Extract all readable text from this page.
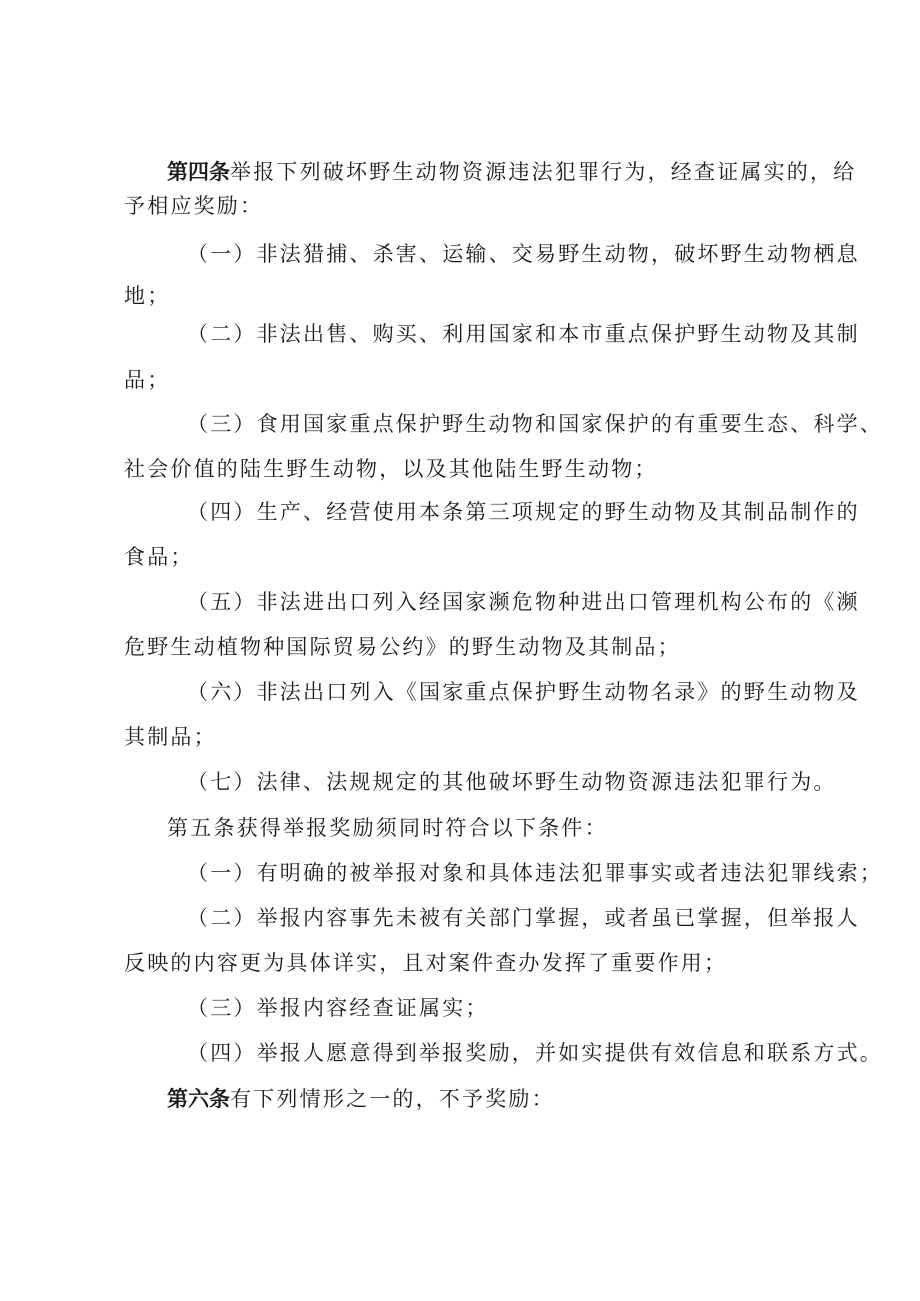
第四条举报下列破坏野生动物资源违法犯罪行为，经查证属实的，给
予相应奖励：
（一）非法猎捕、杀害、运输、交易野生动物，破坏野生动物栖息
地；
（二）非法出售、购买、利用国家和本市重点保护野生动物及其制
品；
（三）食用国家重点保护野生动物和国家保护的有重要生态、科学、
社会价值的陆生野生动物，以及其他陆生野生动物；
（四）生产、经营使用本条第三项规定的野生动物及其制品制作的
食品；
（五）非法进出口列入经国家濒危物种进出口管理机构公布的《濒
危野生动植物种国际贸易公约》的野生动物及其制品；
（六）非法出口列入《国家重点保护野生动物名录》的野生动物及
其制品；
（七）法律、法规规定的其他破坏野生动物资源违法犯罪行为。
第五条获得举报奖励须同时符合以下条件：
（一）有明确的被举报对象和具体违法犯罪事实或者违法犯罪线索；
（二）举报内容事先未被有关部门掌握，或者虽已掌握，但举报人
反映的内容更为具体详实，且对案件查办发挥了重要作用；
（三）举报内容经查证属实；
（四）举报人愿意得到举报奖励，并如实提供有效信息和联系方式。
第六条有下列情形之一的，不予奖励：
